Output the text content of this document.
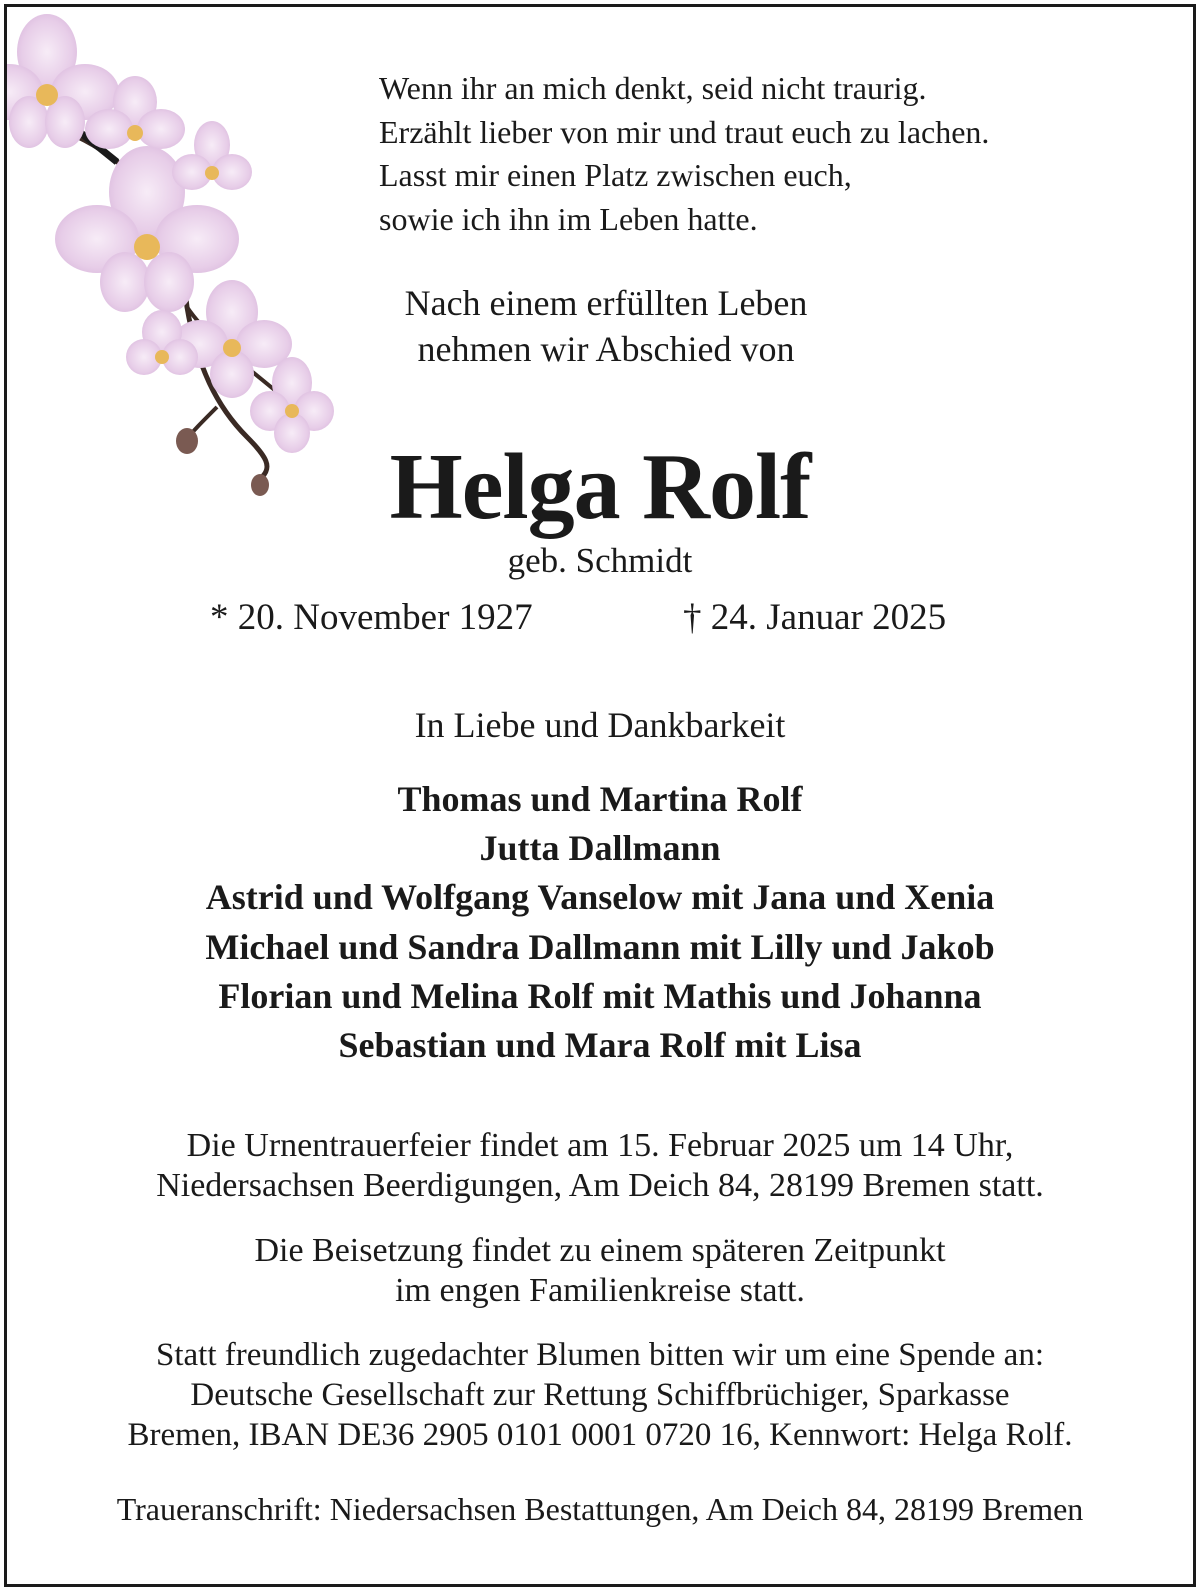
Wenn ihr an mich denkt, seid nicht traurig.
Erzählt lieber von mir und traut euch zu lachen.
Lasst mir einen Platz zwischen euch,
sowie ich ihn im Leben hatte.
Nach einem erfüllten Leben
nehmen wir Abschied von
Helga Rolf
geb. Schmidt
* 20. November 1927	† 24. Januar 2025
In Liebe und Dankbarkeit
Thomas und Martina Rolf
Jutta Dallmann
Astrid und Wolfgang Vanselow mit Jana und Xenia
Michael und Sandra Dallmann mit Lilly und Jakob
Florian und Melina Rolf mit Mathis und Johanna
Sebastian und Mara Rolf mit Lisa
Die Urnentrauerfeier findet am 15. Februar 2025 um 14 Uhr,
Niedersachsen Beerdigungen, Am Deich 84, 28199 Bremen statt.
Die Beisetzung findet zu einem späteren Zeitpunkt
im engen Familienkreise statt.
Statt freundlich zugedachter Blumen bitten wir um eine Spende an:
Deutsche Gesellschaft zur Rettung Schiffbrüchiger, Sparkasse
Bremen, IBAN DE36 2905 0101 0001 0720 16, Kennwort: Helga Rolf.
Traueranschrift: Niedersachsen Bestattungen, Am Deich 84, 28199 Bremen
